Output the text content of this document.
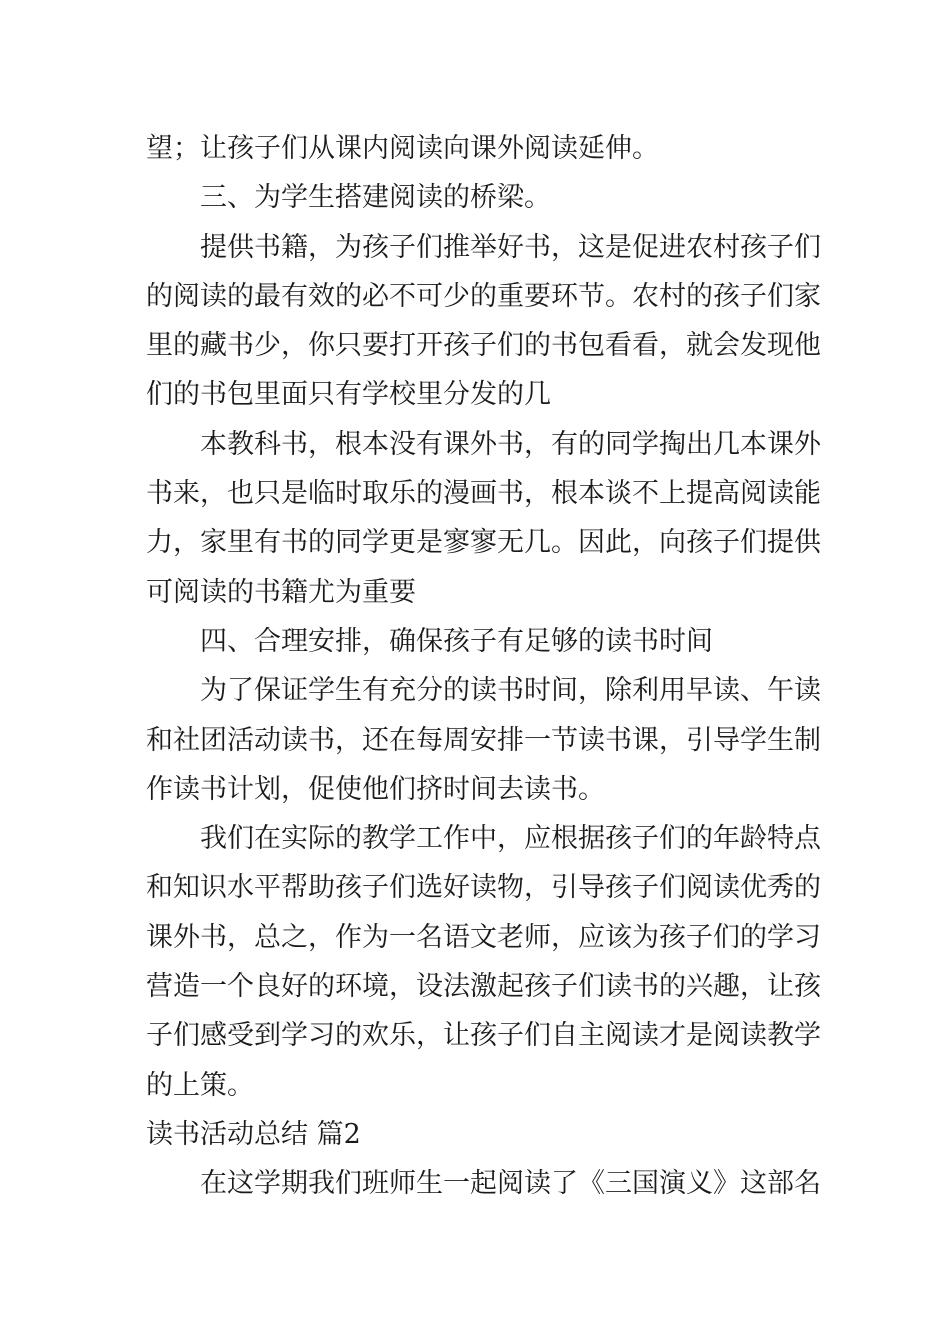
望；让孩子们从课内阅读向课外阅读延伸。
三、为学生搭建阅读的桥梁。
提供书籍，为孩子们推举好书，这是促进农村孩子们
的阅读的最有效的必不可少的重要环节。农村的孩子们家
里的藏书少，你只要打开孩子们的书包看看，就会发现他
们的书包里面只有学校里分发的几
本教科书，根本没有课外书，有的同学掏出几本课外
书来，也只是临时取乐的漫画书，根本谈不上提高阅读能
力，家里有书的同学更是寥寥无几。因此，向孩子们提供
可阅读的书籍尤为重要
四、合理安排，确保孩子有足够的读书时间
为了保证学生有充分的读书时间，除利用早读、午读
和社团活动读书，还在每周安排一节读书课，引导学生制
作读书计划，促使他们挤时间去读书。
我们在实际的教学工作中，应根据孩子们的年龄特点
和知识水平帮助孩子们选好读物，引导孩子们阅读优秀的
课外书，总之，作为一名语文老师，应该为孩子们的学习
营造一个良好的环境，设法激起孩子们读书的兴趣，让孩
子们感受到学习的欢乐，让孩子们自主阅读才是阅读教学
的上策。
读书活动总结 篇2
在这学期我们班师生一起阅读了《三国演义》这部名
